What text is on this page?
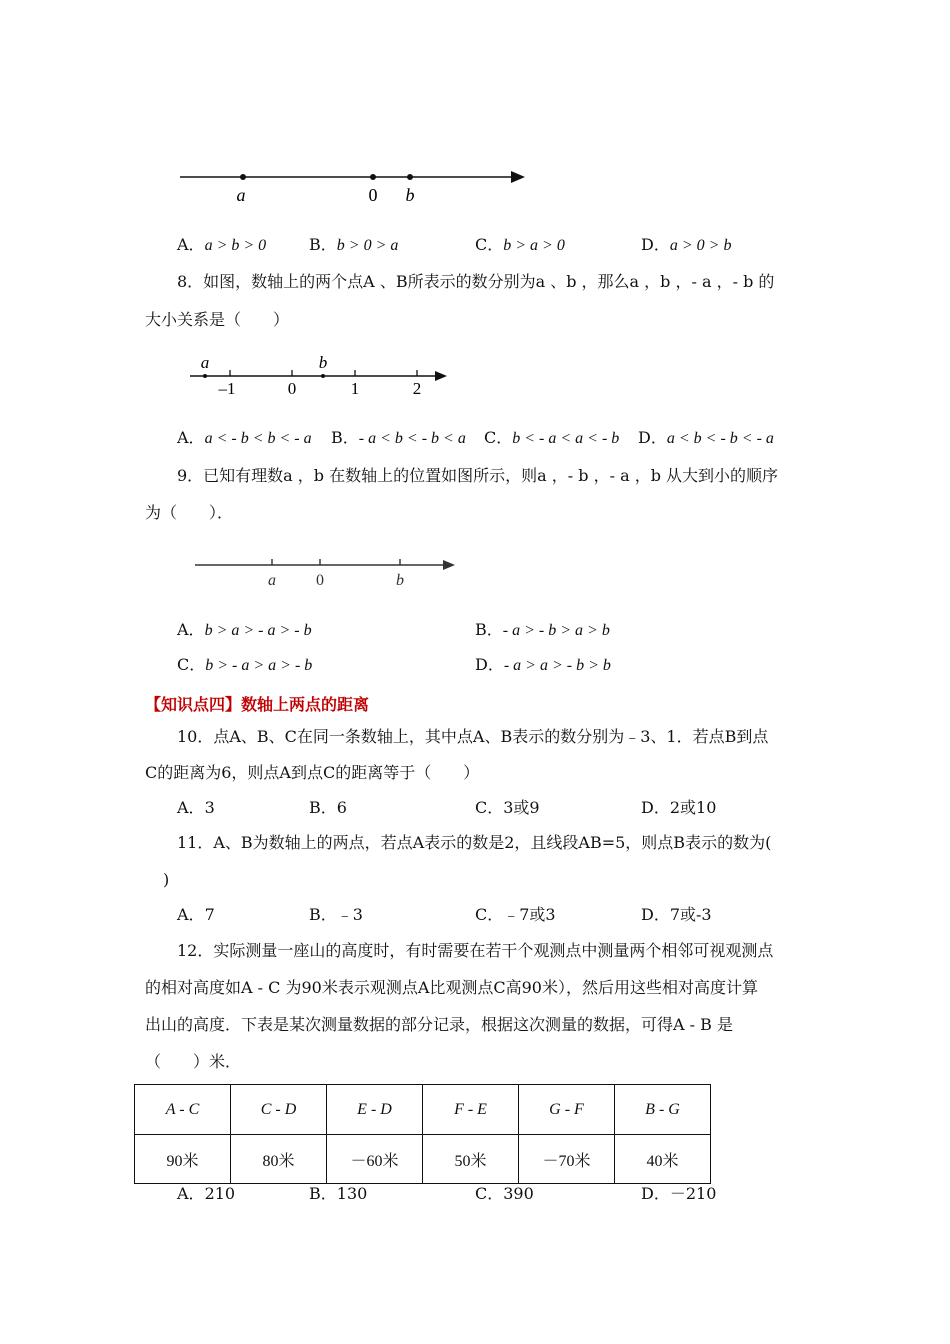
a	0 b
A．a > b > 0	B．b > 0 > a	C．b > a > 0	D．a > 0 > b
8．如图，数轴上的两个点A 、B所表示的数分别为a 、b ，那么a ，b ，- a ，- b 的
大小关系是（　　）
a	b
–1	0	1	2
A．a < - b < b < - a B．- a < b < - b < a C．b < - a < a < - b D．a < b < - b < - a
9．已知有理数a ，b 在数轴上的位置如图所示，则a ，- b ，- a ，b 从大到小的顺序
为（　　）．
a	0	b
A．b > a > - a > - b	B．- a > - b > a > b
C．b > - a > a > - b	D．- a > a > - b > b
【知识点四】数轴上两点的距离
10．点A、B、C在同一条数轴上，其中点A、B表示的数分别为﹣3、1．若点B到点
C的距离为6，则点A到点C的距离等于（　　）
A．3	B．6	C．3或9	D．2或10
11．A、B为数轴上的两点，若点A表示的数是2，且线段AB=5，则点B表示的数为(
)
A．7	B．﹣3	C．﹣7或3	D．7或-3
12．实际测量一座山的高度时，有时需要在若干个观测点中测量两个相邻可视观测点
的相对高度如A - C 为90米表示观测点A比观测点C高90米），然后用这些相对高度计算
出山的高度．下表是某次测量数据的部分记录，根据这次测量的数据，可得A - B 是
（　　）米．
A - C	C - D	E - D	F - E	G - F	B - G
90米	80米	－60米	50米	－70米	40米
A．210	B．130	C．390	D．－210
